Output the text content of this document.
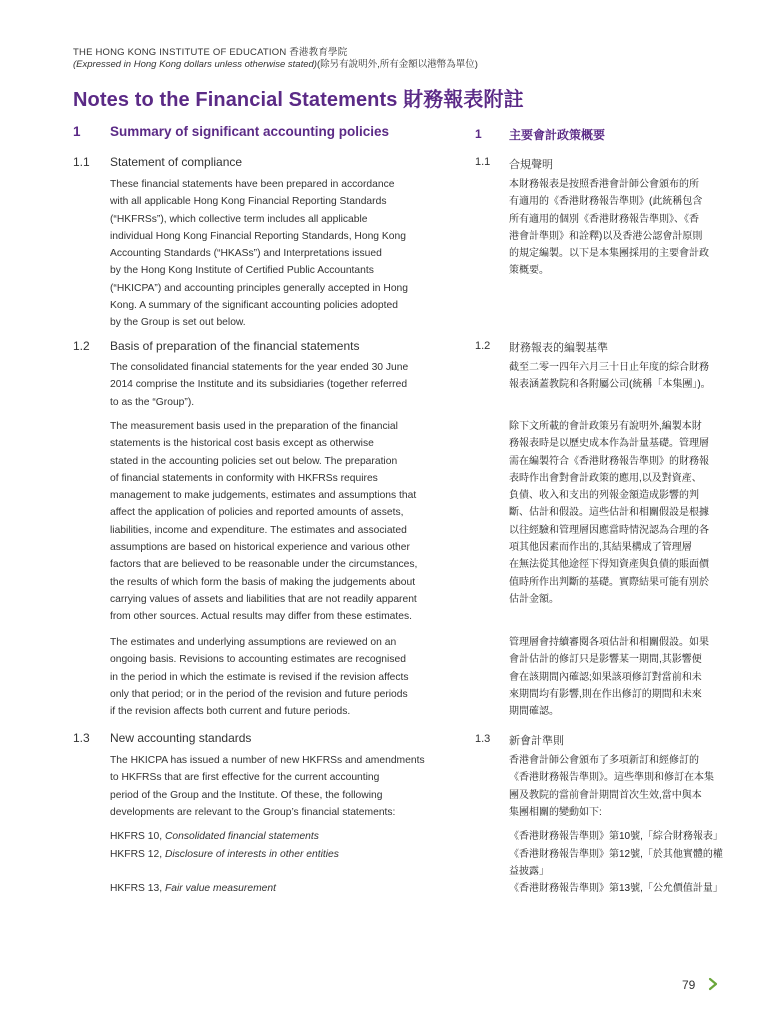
THE HONG KONG INSTITUTE OF EDUCATION 香港教育學院
(Expressed in Hong Kong dollars unless otherwise stated)(除另有說明外,所有金額以港幣為單位)
Notes to the Financial Statements 財務報表附註
1 Summary of significant accounting policies	1 主要會計政策概要
1.1 Statement of compliance	1.1 合規聲明
These financial statements have been prepared in accordance
with all applicable Hong Kong Financial Reporting Standards
(“HKFRSs”), which collective term includes all applicable
individual Hong Kong Financial Reporting Standards, Hong Kong
Accounting Standards (“HKASs”) and Interpretations issued
by the Hong Kong Institute of Certified Public Accountants
(“HKICPA”) and accounting principles generally accepted in Hong
Kong. A summary of the significant accounting policies adopted
by the Group is set out below.
本財務報表是按照香港會計師公會頒布的所
有適用的《香港財務報告準則》(此統稱包含
所有適用的個別《香港財務報告準則》、《香
港會計準則》和詮釋)以及香港公認會計原則
的規定編製。以下是本集團採用的主要會計政
策概要。
1.2 Basis of preparation of the financial statements	1.2 財務報表的編製基準
The consolidated financial statements for the year ended 30 June
2014 comprise the Institute and its subsidiaries (together referred
to as the “Group”).
截至二零一四年六月三十日止年度的綜合財務
報表涵蓋教院和各附屬公司(統稱「本集團」)。
The measurement basis used in the preparation of the financial
statements is the historical cost basis except as otherwise
stated in the accounting policies set out below. The preparation
of financial statements in conformity with HKFRSs requires
management to make judgements, estimates and assumptions that
affect the application of policies and reported amounts of assets,
liabilities, income and expenditure. The estimates and associated
assumptions are based on historical experience and various other
factors that are believed to be reasonable under the circumstances,
the results of which form the basis of making the judgements about
carrying values of assets and liabilities that are not readily apparent
from other sources. Actual results may differ from these estimates.
除下文所載的會計政策另有說明外,編製本財
務報表時是以歷史成本作為計量基礎。管理層
需在編製符合《香港財務報告準則》的財務報
表時作出會對會計政策的應用,以及對資產、
負債、收入和支出的列報金額造成影響的判
斷、估計和假設。這些估計和相關假設是根據
以往經驗和管理層因應當時情況認為合理的各
項其他因素而作出的,其結果構成了管理層
在無法從其他途徑下得知資產與負債的賬面價
值時所作出判斷的基礎。實際結果可能有別於
估計金額。
The estimates and underlying assumptions are reviewed on an
ongoing basis. Revisions to accounting estimates are recognised
in the period in which the estimate is revised if the revision affects
only that period; or in the period of the revision and future periods
if the revision affects both current and future periods.
管理層會持續審閱各項估計和相關假設。如果
會計估計的修訂只是影響某一期間,其影響便
會在該期間內確認;如果該項修訂對當前和未
來期間均有影響,則在作出修訂的期間和未來
期間確認。
1.3 New accounting standards	1.3 新會計準則
The HKICPA has issued a number of new HKFRSs and amendments
to HKFRSs that are first effective for the current accounting
period of the Group and the Institute. Of these, the following
developments are relevant to the Group’s financial statements:
香港會計師公會頒布了多項新訂和經修訂的
《香港財務報告準則》。這些準則和修訂在本集
團及教院的當前會計期間首次生效,當中與本
集團相關的變動如下:
HKFRS 10, Consolidated financial statements
HKFRS 12, Disclosure of interests in other entities
HKFRS 13, Fair value measurement
《香港財務報告準則》第10號,「綜合財務報表」
《香港財務報告準則》第12號,「於其他實體的權
益披露」
《香港財務報告準則》第13號,「公允價值計量」
79
